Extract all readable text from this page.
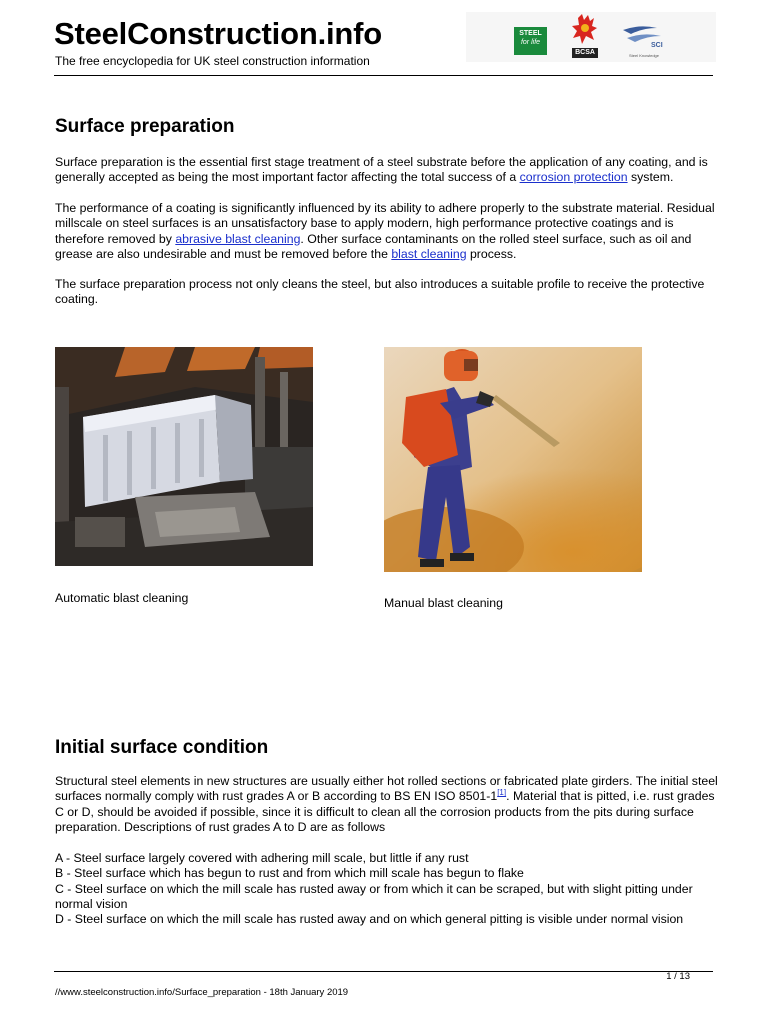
SteelConstruction.info
The free encyclopedia for UK steel construction information
STEEL
for life
BCSA
SCI
Steel Knowledge
Surface preparation

Surface preparation is the essential first stage treatment of a steel substrate before the application of any coating, and is generally accepted as being the most important factor affecting the total success of a corrosion protection system.

The performance of a coating is significantly influenced by its ability to adhere properly to the substrate material. Residual millscale on steel surfaces is an unsatisfactory base to apply modern, high performance protective coatings and is therefore removed by abrasive blast cleaning. Other surface contaminants on the rolled steel surface, such as oil and grease are also undesirable and must be removed before the blast cleaning process.

The surface preparation process not only cleans the steel, but also introduces a suitable profile to receive the protective coating.

Automatic blast cleaning	Manual blast cleaning
Initial surface condition

Structural steel elements in new structures are usually either hot rolled sections or fabricated plate girders. The initial steel surfaces normally comply with rust grades A or B according to BS EN ISO 8501-1[1]. Material that is pitted, i.e. rust grades C or D, should be avoided if possible, since it is difficult to clean all the corrosion products from the pits during surface preparation. Descriptions of rust grades A to D are as follows

A - Steel surface largely covered with adhering mill scale, but little if any rust
B - Steel surface which has begun to rust and from which mill scale has begun to flake
C - Steel surface on which the mill scale has rusted away or from which it can be scraped, but with slight pitting under normal vision
D - Steel surface on which the mill scale has rusted away and on which general pitting is visible under normal vision
1 / 13
//www.steelconstruction.info/Surface_preparation - 18th January 2019
